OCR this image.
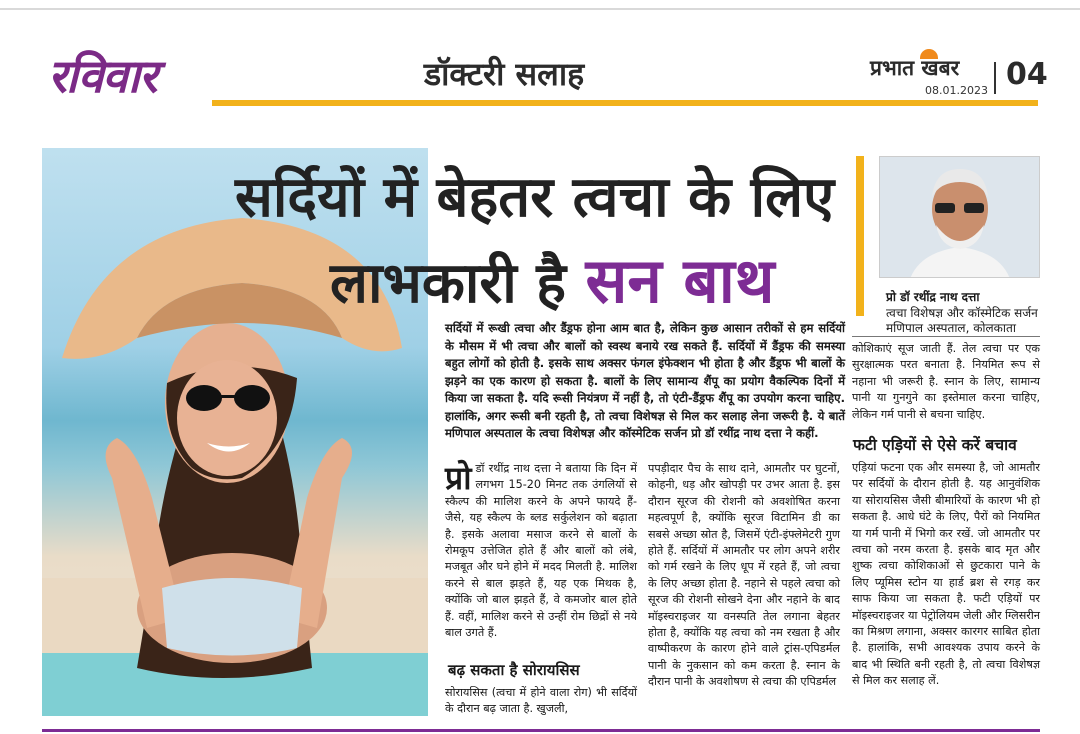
रविवार	डॉक्टरी सलाह	प्रभात खबर
08.01.2023 04
सर्दियों में बेहतर त्वचा के लिए
लाभकारी है सन बाथ	प्रो डॉ रथींद्र नाथ दत्ता
त्वचा विशेषज्ञ और कॉस्मेटिक सर्जन
मणिपाल अस्पताल, कोलकाता
सर्दियों में रूखी त्वचा और डैंड्रफ होना आम बात है, लेकिन कुछ आसान तरीकों से हम सर्दियों के मौसम में भी त्वचा और बालों को स्वस्थ बनाये रख सकते हैं. सर्दियों में डैंड्रफ की समस्या बहुत लोगों को होती है. इसके साथ अक्सर फंगल इंफेक्शन भी होता है और डैंड्रफ भी बालों के झड़ने का एक कारण हो सकता है. बालों के लिए सामान्य शैंपू का प्रयोग वैकल्पिक दिनों में किया जा सकता है. यदि रूसी नियंत्रण में नहीं है, तो एंटी-डैंड्रफ शैंपू का उपयोग करना चाहिए. हालांकि, अगर रूसी बनी रहती है, तो त्वचा विशेषज्ञ से मिल कर सलाह लेना जरूरी है. ये बातें मणिपाल अस्पताल के त्वचा विशेषज्ञ और कॉस्मेटिक सर्जन प्रो डॉ रथींद्र नाथ दत्ता ने कहीं.
प्रो डॉ रथींद्र नाथ दत्ता ने बताया कि दिन में लगभग 15-20 मिनट तक उंगलियों से स्कैल्प की मालिश करने के अपने फायदे हैं- जैसे, यह स्कैल्प के ब्लड सर्कुलेशन को बढ़ाता है. इसके अलावा मसाज करने से बालों के रोमकूप उत्तेजित होते हैं और बालों को लंबे, मजबूत और घने होने में मदद मिलती है. मालिश करने से बाल झड़ते हैं, यह एक मिथक है, क्योंकि जो बाल झड़ते हैं, वे कमजोर बाल होते हैं. वहीं, मालिश करने से उन्हीं रोम छिद्रों से नये बाल उगते हैं.
बढ़ सकता है सोरायसिस
सोरायसिस (त्वचा में होने वाला रोग) भी सर्दियों के दौरान बढ़ जाता है. खुजली,
पपड़ीदार पैच के साथ दाने, आमतौर पर घुटनों, कोहनी, धड़ और खोपड़ी पर उभर आता है. इस दौरान सूरज की रोशनी को अवशोषित करना महत्वपूर्ण है, क्योंकि सूरज विटामिन डी का सबसे अच्छा स्रोत है, जिसमें एंटी-इंफ्लेमेटरी गुण होते हैं. सर्दियों में आमतौर पर लोग अपने शरीर को गर्म रखने के लिए धूप में रहते हैं, जो त्वचा के लिए अच्छा होता है. नहाने से पहले त्वचा को सूरज की रोशनी सोखने देना और नहाने के बाद मॉइस्चराइजर या वनस्पति तेल लगाना बेहतर होता है, क्योंकि यह त्वचा को नम रखता है और वाष्पीकरण के कारण होने वाले ट्रांस-एपिडर्मल पानी के नुकसान को कम करता है. स्नान के दौरान पानी के अवशोषण से त्वचा की एपिडर्मल
कोशिकाएं सूज जाती हैं. तेल त्वचा पर एक सुरक्षात्मक परत बनाता है. नियमित रूप से नहाना भी जरूरी है. स्नान के लिए, सामान्य पानी या गुनगुने का इस्तेमाल करना चाहिए, लेकिन गर्म पानी से बचना चाहिए.
फटी एड़ियों से ऐसे करें बचाव
एड़ियां फटना एक और समस्या है, जो आमतौर पर सर्दियों के दौरान होती है. यह आनुवंशिक या सोरायसिस जैसी बीमारियों के कारण भी हो सकता है. आधे घंटे के लिए, पैरों को नियमित या गर्म पानी में भिगो कर रखें. जो आमतौर पर त्वचा को नरम करता है. इसके बाद मृत और शुष्क त्वचा कोशिकाओं से छुटकारा पाने के लिए प्यूमिस स्टोन या हार्ड ब्रश से रगड़ कर साफ किया जा सकता है. फटी एड़ियों पर मॉइस्चराइजर या पेट्रोलियम जेली और ग्लिसरीन का मिश्रण लगाना, अक्सर कारगर साबित होता है. हालांकि, सभी आवश्यक उपाय करने के बाद भी स्थिति बनी रहती है, तो त्वचा विशेषज्ञ से मिल कर सलाह लें.
